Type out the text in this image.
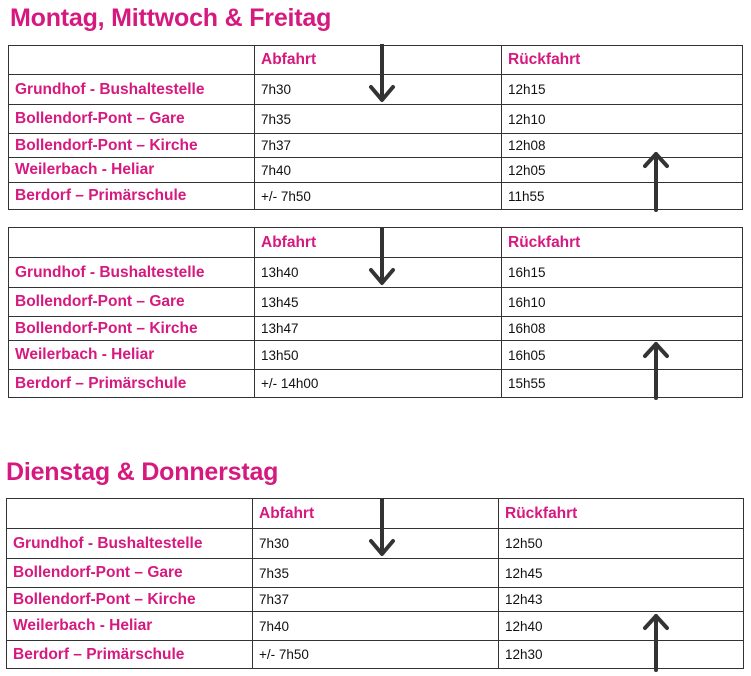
Montag, Mittwoch & Freitag
	Abfahrt	Rückfahrt
Grundhof - Bushaltestelle	7h30	12h15
Bollendorf-Pont – Gare	7h35	12h10
Bollendorf-Pont – Kirche	7h37	12h08
Weilerbach - Heliar	7h40	12h05
Berdorf – Primärschule	+/- 7h50	11h55
	Abfahrt	Rückfahrt
Grundhof - Bushaltestelle	13h40	16h15
Bollendorf-Pont – Gare	13h45	16h10
Bollendorf-Pont – Kirche	13h47	16h08
Weilerbach - Heliar	13h50	16h05
Berdorf – Primärschule	+/- 14h00	15h55
Dienstag & Donnerstag
	Abfahrt	Rückfahrt
Grundhof - Bushaltestelle	7h30	12h50
Bollendorf-Pont – Gare	7h35	12h45
Bollendorf-Pont – Kirche	7h37	12h43
Weilerbach - Heliar	7h40	12h40
Berdorf – Primärschule	+/- 7h50	12h30
